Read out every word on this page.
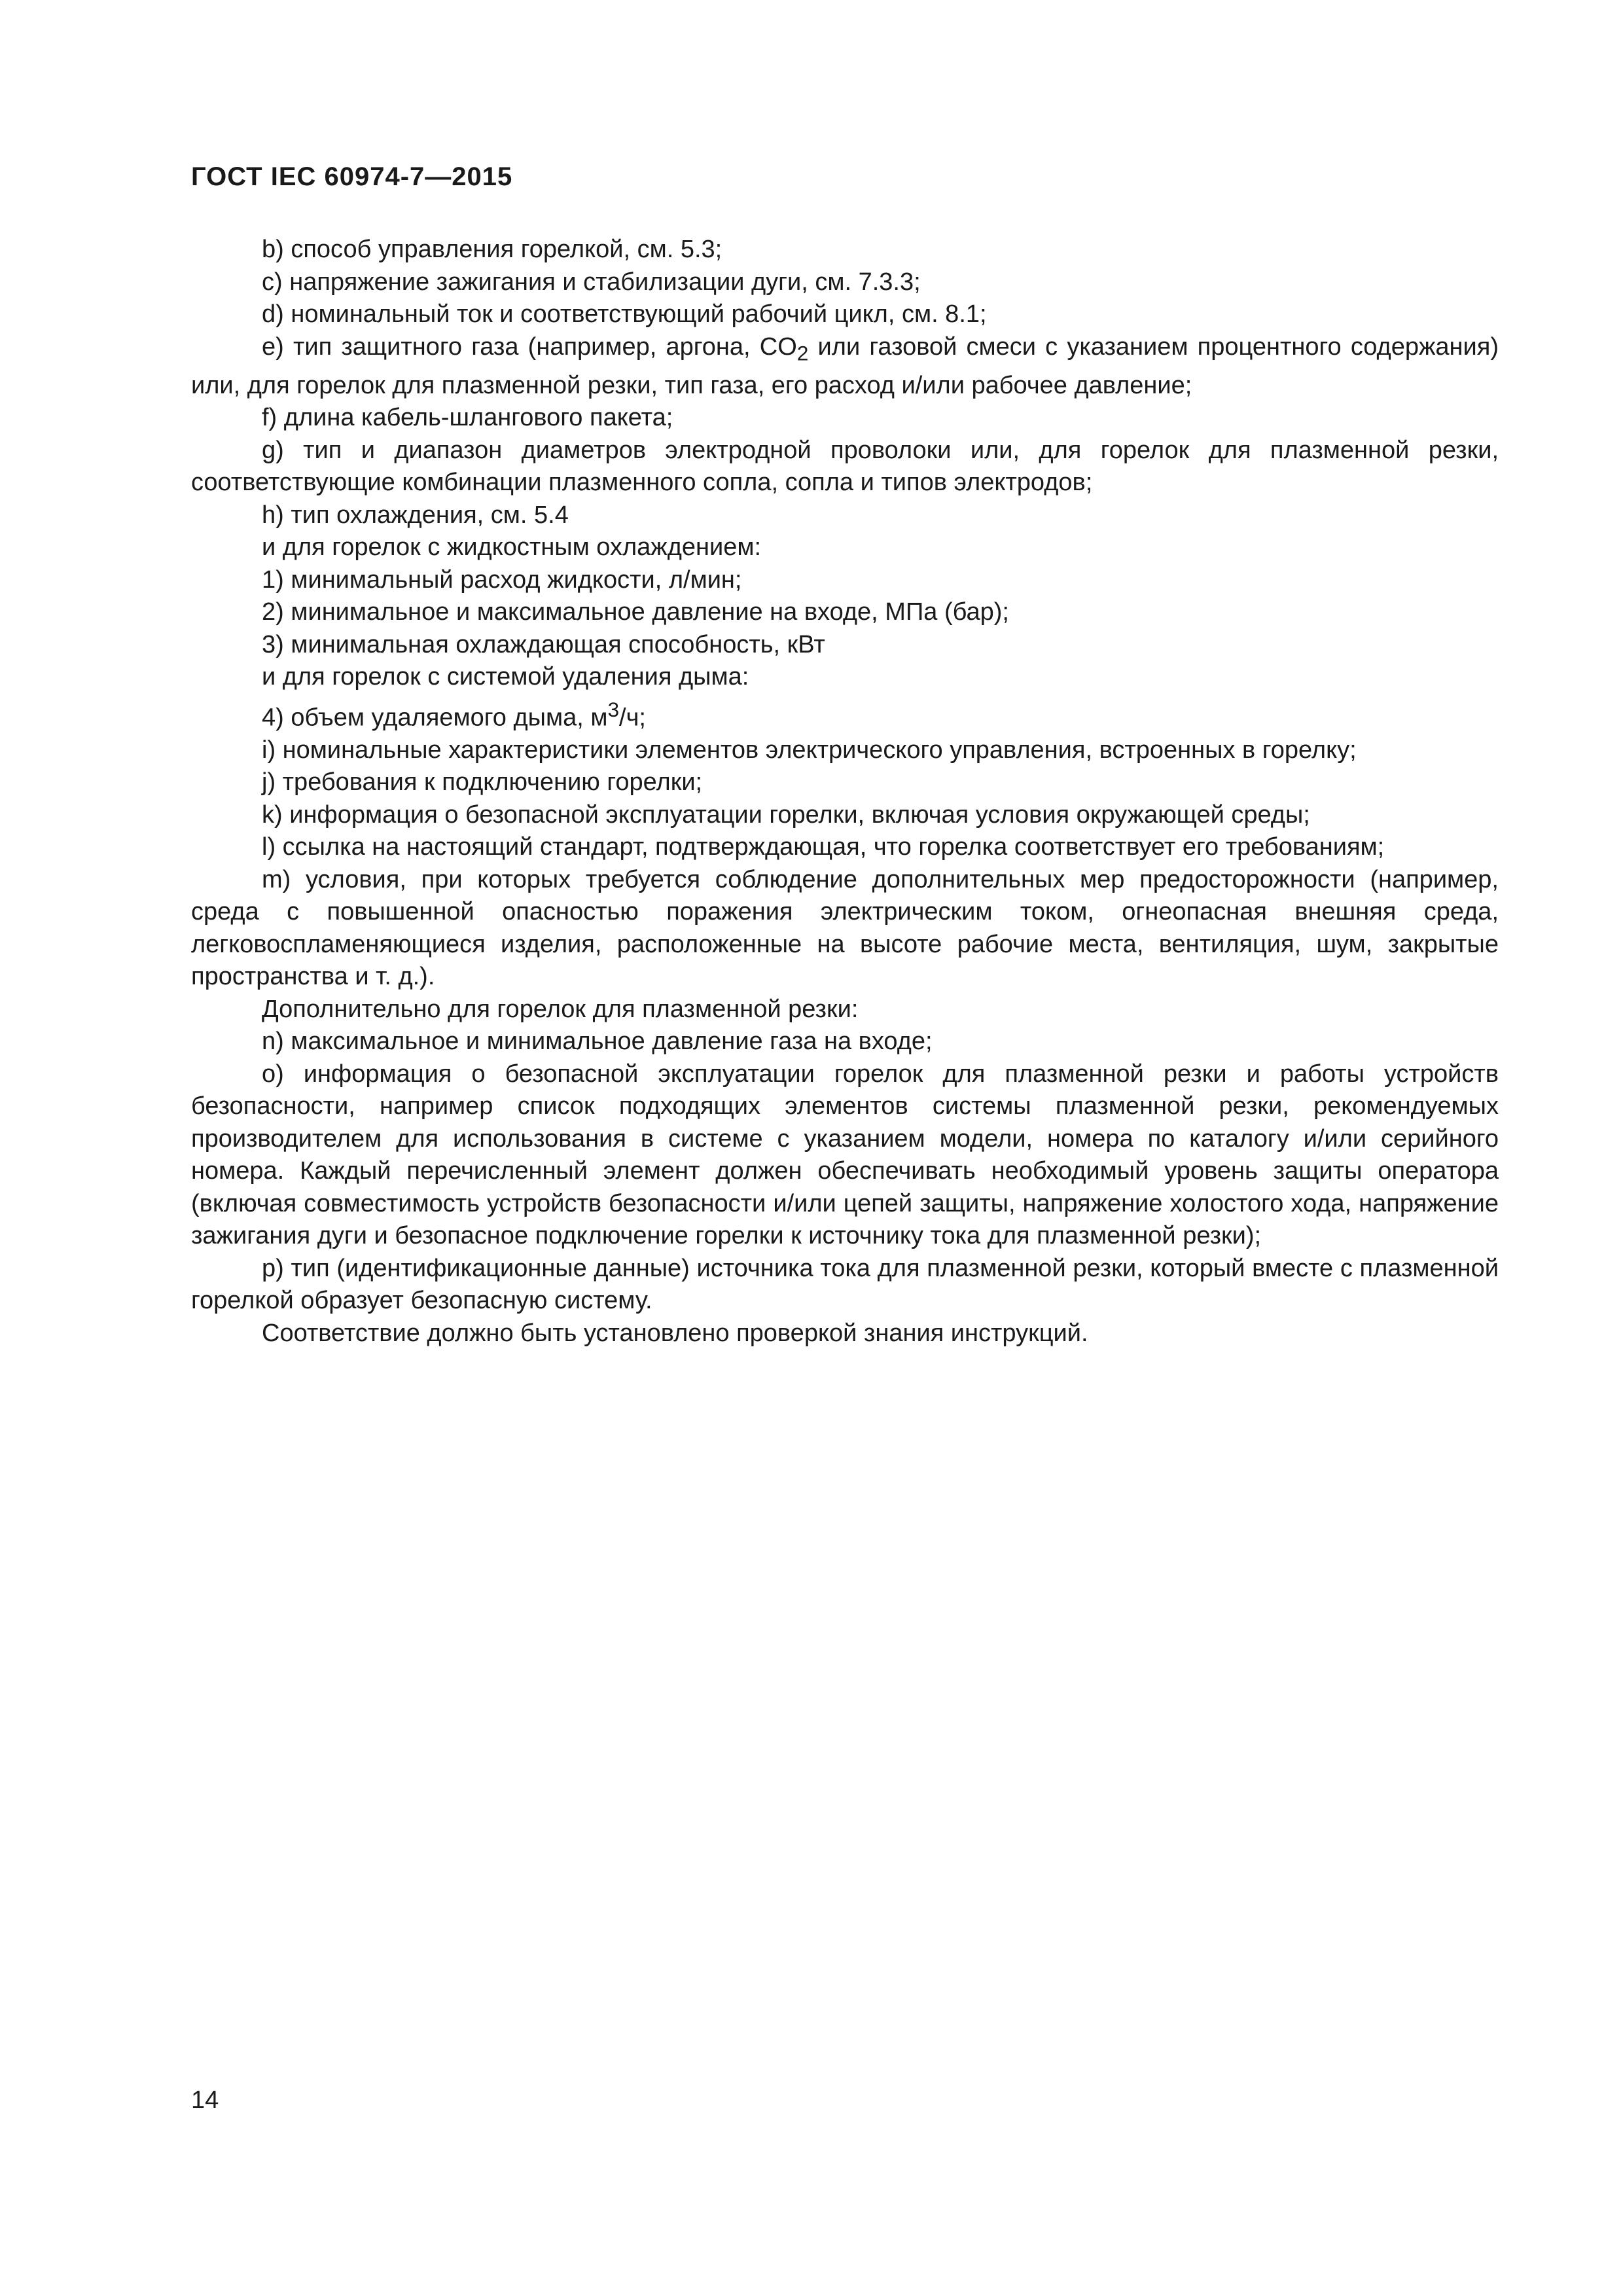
ГОСТ IEC 60974-7—2015

b) способ управления горелкой, см. 5.3;

c) напряжение зажигания и стабилизации дуги, см. 7.3.3;

d) номинальный ток и соответствующий рабочий цикл, см. 8.1;

e) тип защитного газа (например, аргона, $CO_2$ или газовой смеси с указанием процентного содержания) или, для горелок для плазменной резки, тип газа, его расход и/или рабочее давление;

f) длина кабель-шлангового пакета;

g) тип и диапазон диаметров электродной проволоки или, для горелок для плазменной резки, соответствующие комбинации плазменного сопла, сопла и типов электродов;

h) тип охлаждения, см. 5.4

и для горелок с жидкостным охлаждением:

1) минимальный расход жидкости, л/мин;

2) минимальное и максимальное давление на входе, МПа (бар);

3) минимальная охлаждающая способность, кВт

и для горелок с системой удаления дыма:

4) объем удаляемого дыма, $м^3/ч$;

i) номинальные характеристики элементов электрического управления, встроенных в горелку;

j) требования к подключению горелки;

k) информация о безопасной эксплуатации горелки, включая условия окружающей среды;

l) ссылка на настоящий стандарт, подтверждающая, что горелка соответствует его требованиям;

m) условия, при которых требуется соблюдение дополнительных мер предосторожности (например, среда с повышенной опасностью поражения электрическим током, огнеопасная внешняя среда, легковоспламеняющиеся изделия, расположенные на высоте рабочие места, вентиляция, шум, закрытые пространства и т. д.).

Дополнительно для горелок для плазменной резки:

n) максимальное и минимальное давление газа на входе;

o) информация о безопасной эксплуатации горелок для плазменной резки и работы устройств безопасности, например список подходящих элементов системы плазменной резки, рекомендуемых производителем для использования в системе с указанием модели, номера по каталогу и/или серийного номера. Каждый перечисленный элемент должен обеспечивать необходимый уровень защиты оператора (включая совместимость устройств безопасности и/или цепей защиты, напряжение холостого хода, напряжение зажигания дуги и безопасное подключение горелки к источнику тока для плазменной резки);

p) тип (идентификационные данные) источника тока для плазменной резки, который вместе с плазменной горелкой образует безопасную систему.

Соответствие должно быть установлено проверкой знания инструкций.

14
